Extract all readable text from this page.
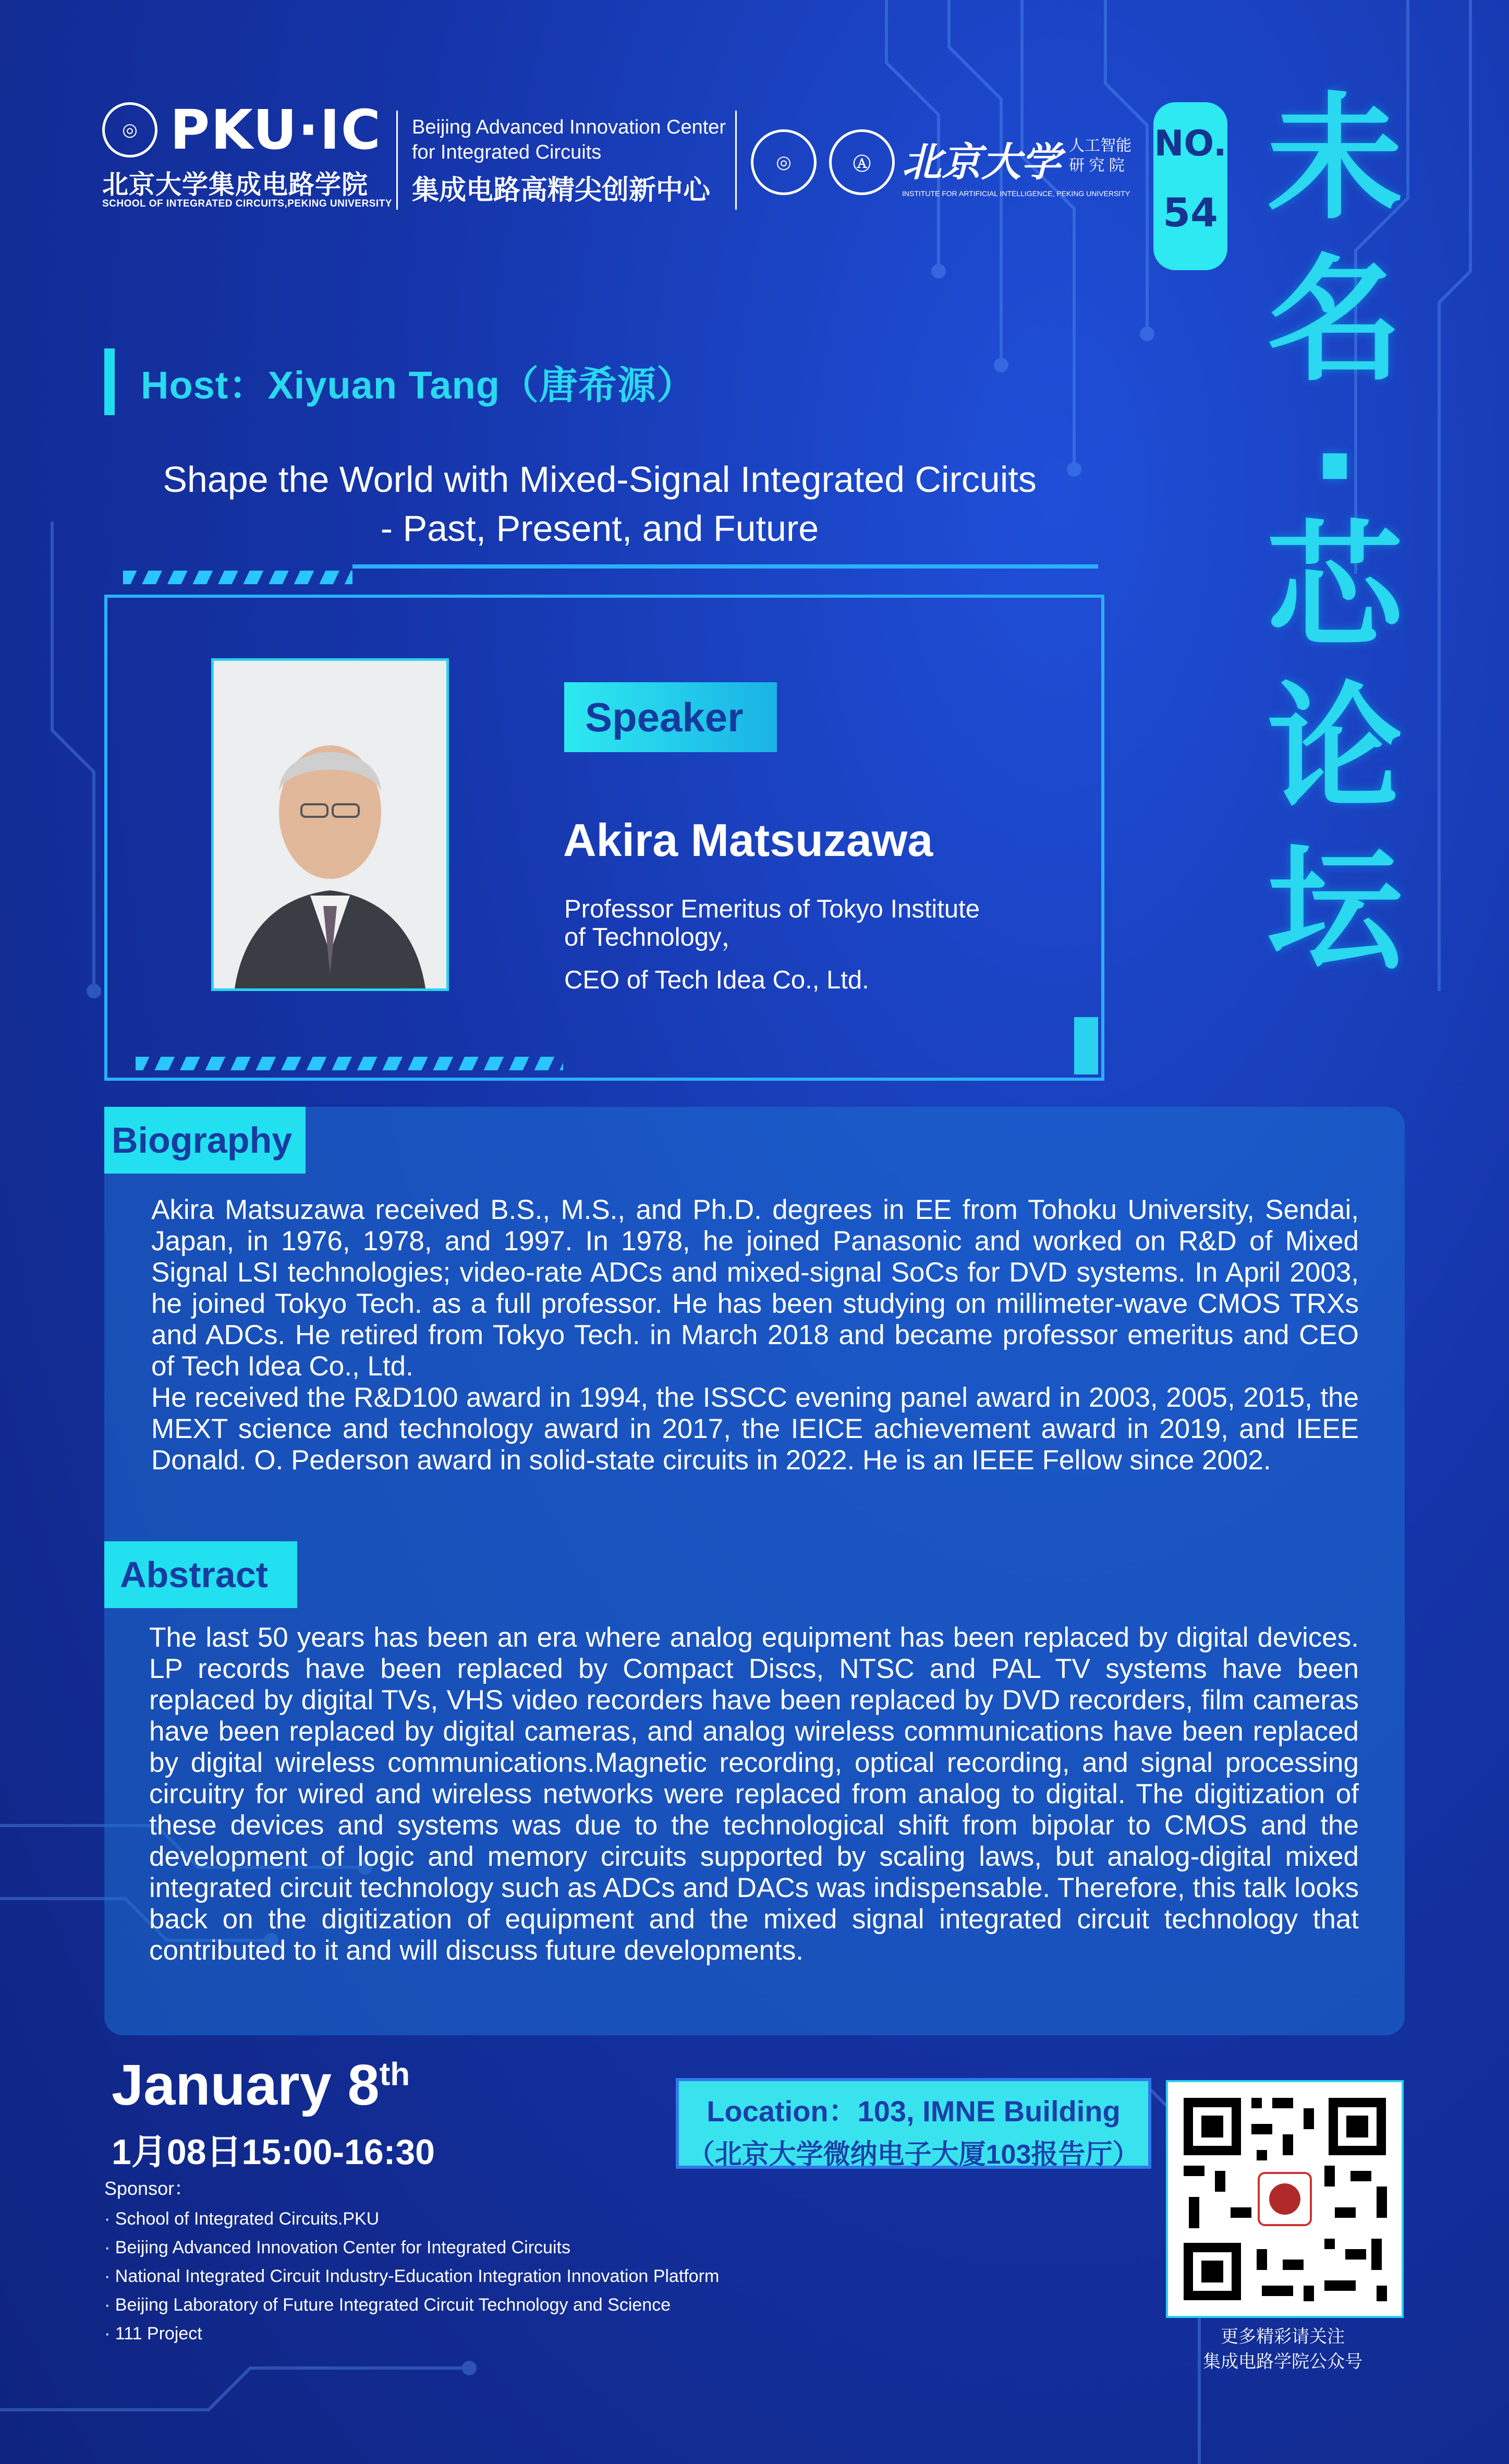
◎ PKU·IC
北京大学集成电路学院
SCHOOL OF INTEGRATED CIRCUITS,PEKING UNIVERSITY
Beijing Advanced Innovation Center
for Integrated Circuits
集成电路高精尖创新中心
◎	Ⓐ 北京大学 人工智能
研 究 院
INSTITUTE FOR ARTIFICIAL INTELLIGENCE, PEKING UNIVERSITY
NO.
54 未
名
·
芯
论
坛
Host：Xiyuan Tang（唐希源）
Shape the World with Mixed-Signal Integrated Circuits
- Past, Present, and Future
Speaker
Akira Matsuzawa
Professor Emeritus of Tokyo Institute
of Technology，
CEO of Tech Idea Co., Ltd.
Biography

Akira Matsuzawa received B.S., M.S., and Ph.D. degrees in EE from Tohoku University, Sendai, Japan, in 1976, 1978, and 1997. In 1978, he joined Panasonic and worked on R&D of Mixed Signal LSI technologies; video-rate ADCs and mixed-signal SoCs for DVD systems. In April 2003, he joined Tokyo Tech. as a full professor. He has been studying on millimeter-wave CMOS TRXs and ADCs. He retired from Tokyo Tech. in March 2018 and became professor emeritus and CEO of Tech Idea Co., Ltd.

He received the R&D100 award in 1994, the ISSCC evening panel award in 2003, 2005, 2015, the MEXT science and technology award in 2017, the IEICE achievement award in 2019, and IEEE Donald. O. Pederson award in solid-state circuits in 2022. He is an IEEE Fellow since 2002.

Abstract

The last 50 years has been an era where analog equipment has been replaced by digital devices. LP records have been replaced by Compact Discs, NTSC and PAL TV systems have been replaced by digital TVs, VHS video recorders have been replaced by DVD recorders, film cameras have been replaced by digital cameras, and analog wireless communications have been replaced by digital wireless communications.Magnetic recording, optical recording, and signal processing circuitry for wired and wireless networks were replaced from analog to digital. The digitization of these devices and systems was due to the technological shift from bipolar to CMOS and the development of logic and memory circuits supported by scaling laws, but analog-digital mixed integrated circuit technology such as ADCs and DACs was indispensable. Therefore, this talk looks back on the digitization of equipment and the mixed signal integrated circuit technology that contributed to it and will discuss future developments.

January 8th
1月08日15:00-16:30
Sponsor：
· School of Integrated Circuits.PKU
· Beijing Advanced Innovation Center for Integrated Circuits
· National Integrated Circuit Industry-Education Integration Innovation Platform
· Beijing Laboratory of Future Integrated Circuit Technology and Science
· 111 Project
Location：103, IMNE Building
（北京大学微纳电子大厦103报告厅）
更多精彩请关注
集成电路学院公众号
